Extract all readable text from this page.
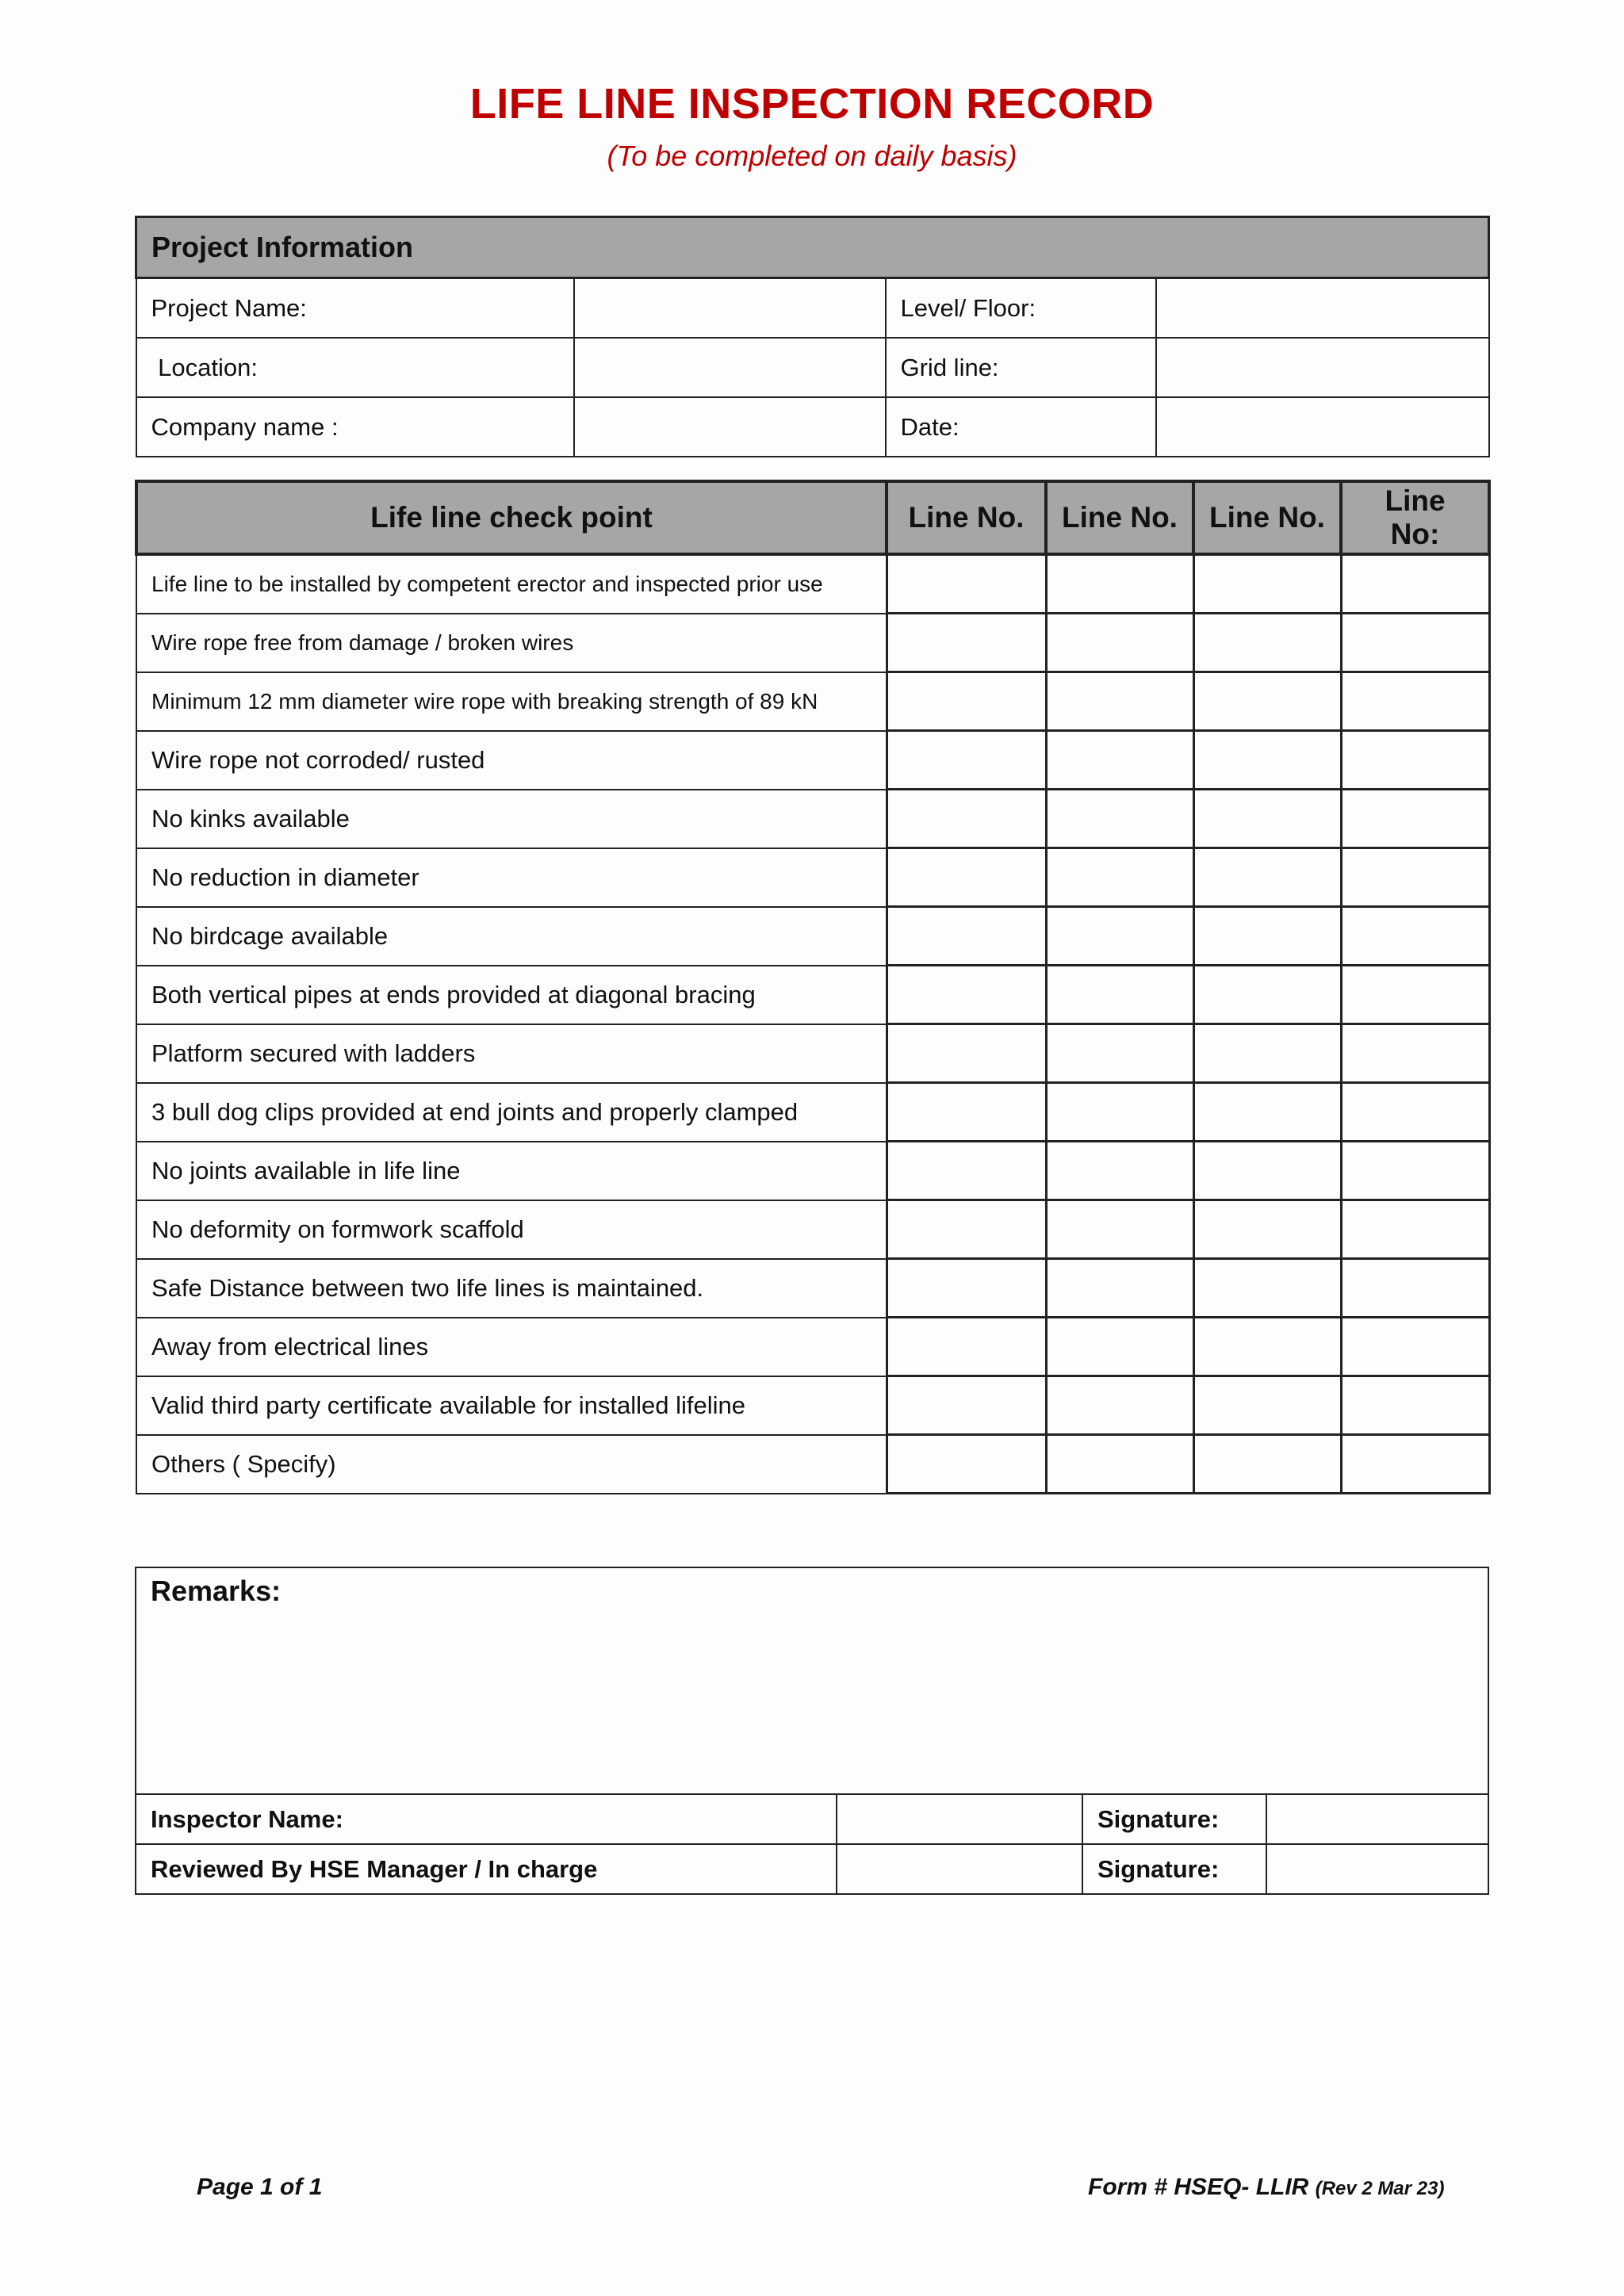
LIFE LINE INSPECTION RECORD
(To be completed on daily basis)
Project Information			
Project Name:		Level/ Floor:	
Location:		Grid line:	
Company name :		Date:	
Life line check point	Line No.	Line No.	Line No.	Line No:
Life line to be installed by competent erector and inspected prior use				
Wire rope free from damage / broken wires				
Minimum 12 mm diameter wire rope with breaking strength of 89 kN				
Wire rope not corroded/ rusted				
No kinks available				
No reduction in diameter				
No birdcage available				
Both vertical pipes at ends provided at diagonal bracing				
Platform secured with ladders				
3 bull dog clips provided at end joints and properly clamped				
No joints available in life line				
No deformity on formwork scaffold				
Safe Distance between two life lines is maintained.				
Away from electrical lines				
Valid third party certificate available for installed lifeline				
Others ( Specify)				
Remarks:			
Inspector Name:		Signature:	
Reviewed By HSE Manager / In charge		Signature:	
Page 1 of 1	Form # HSEQ- LLIR (Rev 2 Mar 23)
